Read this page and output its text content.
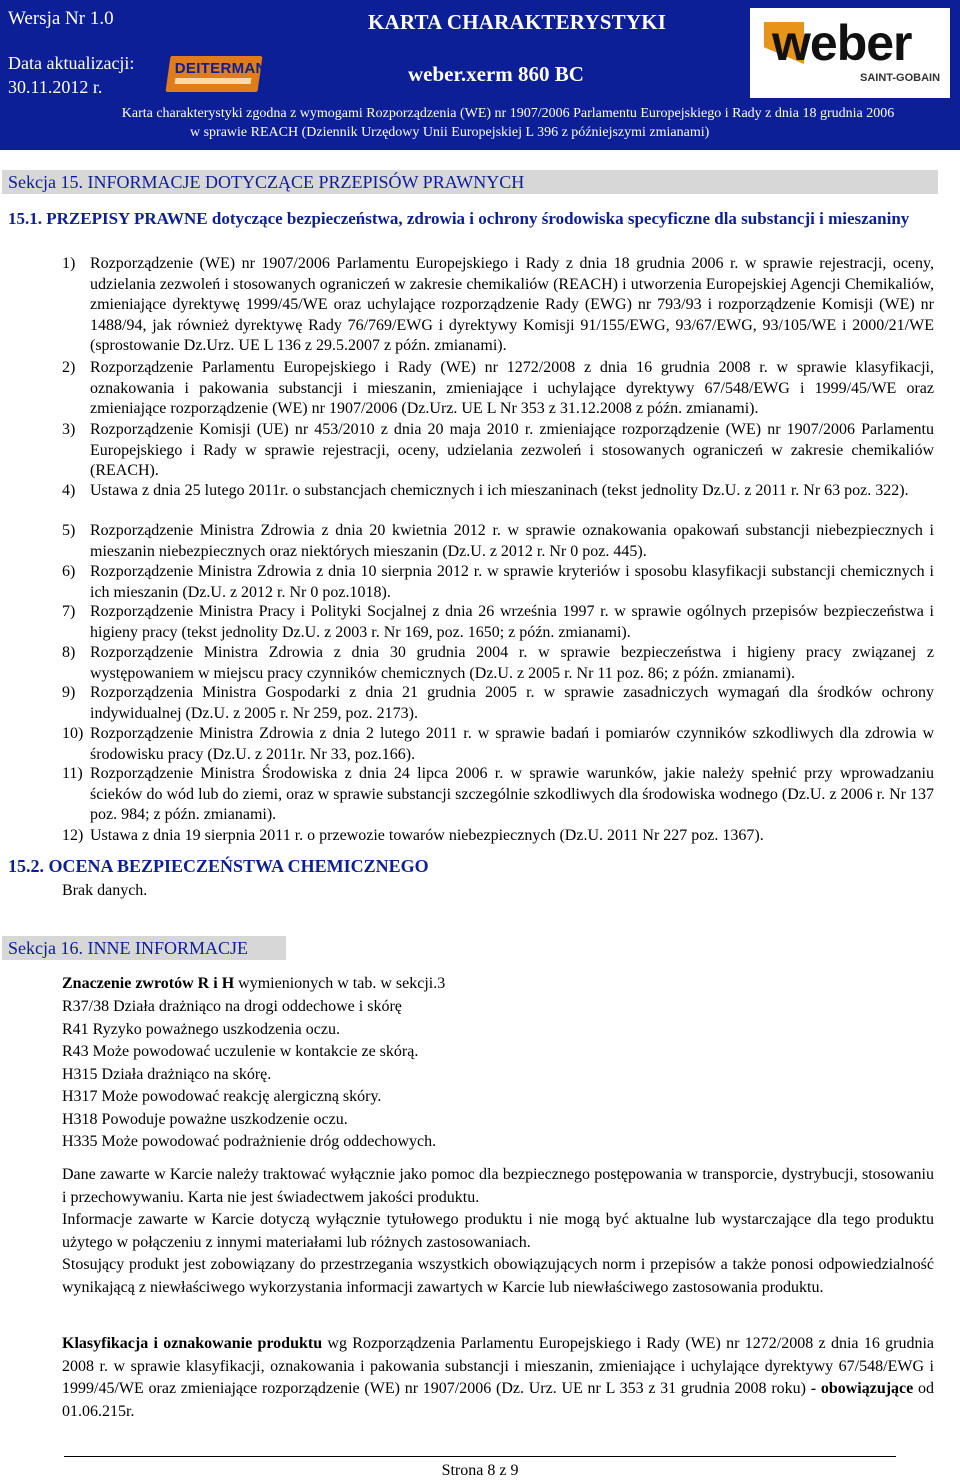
Wersja Nr 1.0
Data aktualizacji:
30.11.2012 r.
DEITERMANN
KARTA CHARAKTERYSTYKI
weber.xerm 860 BC
weber
SAINT-GOBAIN
Karta charakterystyki zgodna z wymogami Rozporządzenia (WE) nr 1907/2006 Parlamentu Europejskiego i Rady z dnia 18 grudnia 2006
w sprawie REACH (Dziennik Urzędowy Unii Europejskiej L 396 z późniejszymi zmianami)
Sekcja 15. INFORMACJE DOTYCZĄCE PRZEPISÓW PRAWNYCH
15.1. PRZEPISY PRAWNE dotyczące bezpieczeństwa, zdrowia i ochrony środowiska specyficzne dla substancji i mieszaniny
1) Rozporządzenie (WE) nr 1907/2006 Parlamentu Europejskiego i Rady z dnia 18 grudnia 2006 r. w sprawie rejestracji, oceny, udzielania zezwoleń i stosowanych ograniczeń w zakresie chemikaliów (REACH) i utworzenia Europejskiej Agencji Chemikaliów, zmieniające dyrektywę 1999/45/WE oraz uchylające rozporządzenie Rady (EWG) nr 793/93 i rozporządzenie Komisji (WE) nr 1488/94, jak również dyrektywę Rady 76/769/EWG i dyrektywy Komisji 91/155/EWG, 93/67/EWG, 93/105/WE i 2000/21/WE (sprostowanie Dz.Urz. UE L 136 z 29.5.2007 z późn. zmianami).
2) Rozporządzenie Parlamentu Europejskiego i Rady (WE) nr 1272/2008 z dnia 16 grudnia 2008 r. w sprawie klasyfikacji, oznakowania i pakowania substancji i mieszanin, zmieniające i uchylające dyrektywy 67/548/EWG i 1999/45/WE oraz zmieniające rozporządzenie (WE) nr 1907/2006 (Dz.Urz. UE L Nr 353 z 31.12.2008 z późn. zmianami).
3) Rozporządzenie Komisji (UE) nr 453/2010 z dnia 20 maja 2010 r. zmieniające rozporządzenie (WE) nr 1907/2006 Parlamentu Europejskiego i Rady w sprawie rejestracji, oceny, udzielania zezwoleń i stosowanych ograniczeń w zakresie chemikaliów (REACH).
4) Ustawa z dnia 25 lutego 2011r. o substancjach chemicznych i ich mieszaninach (tekst jednolity Dz.U. z 2011 r. Nr 63 poz. 322).
5) Rozporządzenie Ministra Zdrowia z dnia 20 kwietnia 2012 r. w sprawie oznakowania opakowań substancji niebezpiecznych i mieszanin niebezpiecznych oraz niektórych mieszanin (Dz.U. z 2012 r. Nr 0 poz. 445).
6) Rozporządzenie Ministra Zdrowia z dnia 10 sierpnia 2012 r. w sprawie kryteriów i sposobu klasyfikacji substancji chemicznych i ich mieszanin (Dz.U. z 2012 r. Nr 0 poz.1018).
7) Rozporządzenie Ministra Pracy i Polityki Socjalnej z dnia 26 września 1997 r. w sprawie ogólnych przepisów bezpieczeństwa i higieny pracy (tekst jednolity Dz.U. z 2003 r. Nr 169, poz. 1650; z późn. zmianami).
8) Rozporządzenie Ministra Zdrowia z dnia 30 grudnia 2004 r. w sprawie bezpieczeństwa i higieny pracy związanej z występowaniem w miejscu pracy czynników chemicznych (Dz.U. z 2005 r. Nr 11 poz. 86; z późn. zmianami).
9) Rozporządzenia Ministra Gospodarki z dnia 21 grudnia 2005 r. w sprawie zasadniczych wymagań dla środków ochrony indywidualnej (Dz.U. z 2005 r. Nr 259, poz. 2173).
10) Rozporządzenie Ministra Zdrowia z dnia 2 lutego 2011 r. w sprawie badań i pomiarów czynników szkodliwych dla zdrowia w środowisku pracy (Dz.U. z 2011r. Nr 33, poz.166).
11) Rozporządzenie Ministra Środowiska z dnia 24 lipca 2006 r. w sprawie warunków, jakie należy spełnić przy wprowadzaniu ścieków do wód lub do ziemi, oraz w sprawie substancji szczególnie szkodliwych dla środowiska wodnego (Dz.U. z 2006 r. Nr 137 poz. 984; z późn. zmianami).
12) Ustawa z dnia 19 sierpnia 2011 r. o przewozie towarów niebezpiecznych (Dz.U. 2011 Nr 227 poz. 1367).
15.2. OCENA BEZPIECZEŃSTWA CHEMICZNEGO
Brak danych.
Sekcja 16. INNE INFORMACJE
Znaczenie zwrotów R i H wymienionych w tab. w sekcji.3
R37/38 Działa drażniąco na drogi oddechowe i skórę
R41 Ryzyko poważnego uszkodzenia oczu.
R43 Może powodować uczulenie w kontakcie ze skórą.
H315 Działa drażniąco na skórę.
H317 Może powodować reakcję alergiczną skóry.
H318 Powoduje poważne uszkodzenie oczu.
H335 Może powodować podrażnienie dróg oddechowych.
Dane zawarte w Karcie należy traktować wyłącznie jako pomoc dla bezpiecznego postępowania w transporcie, dystrybucji, stosowaniu i przechowywaniu. Karta nie jest świadectwem jakości produktu.
Informacje zawarte w Karcie dotyczą wyłącznie tytułowego produktu i nie mogą być aktualne lub wystarczające dla tego produktu użytego w połączeniu z innymi materiałami lub różnych zastosowaniach.
Stosujący produkt jest zobowiązany do przestrzegania wszystkich obowiązujących norm i przepisów a także ponosi odpowiedzialność wynikającą z niewłaściwego wykorzystania informacji zawartych w Karcie lub niewłaściwego zastosowania produktu.
Klasyfikacja i oznakowanie produktu wg Rozporządzenia Parlamentu Europejskiego i Rady (WE) nr 1272/2008 z dnia 16 grudnia 2008 r. w sprawie klasyfikacji, oznakowania i pakowania substancji i mieszanin, zmieniające i uchylające dyrektywy 67/548/EWG i 1999/45/WE oraz zmieniające rozporządzenie (WE) nr 1907/2006 (Dz. Urz. UE nr L 353 z 31 grudnia 2008 roku) - obowiązujące od 01.06.215r.
Strona 8 z 9
